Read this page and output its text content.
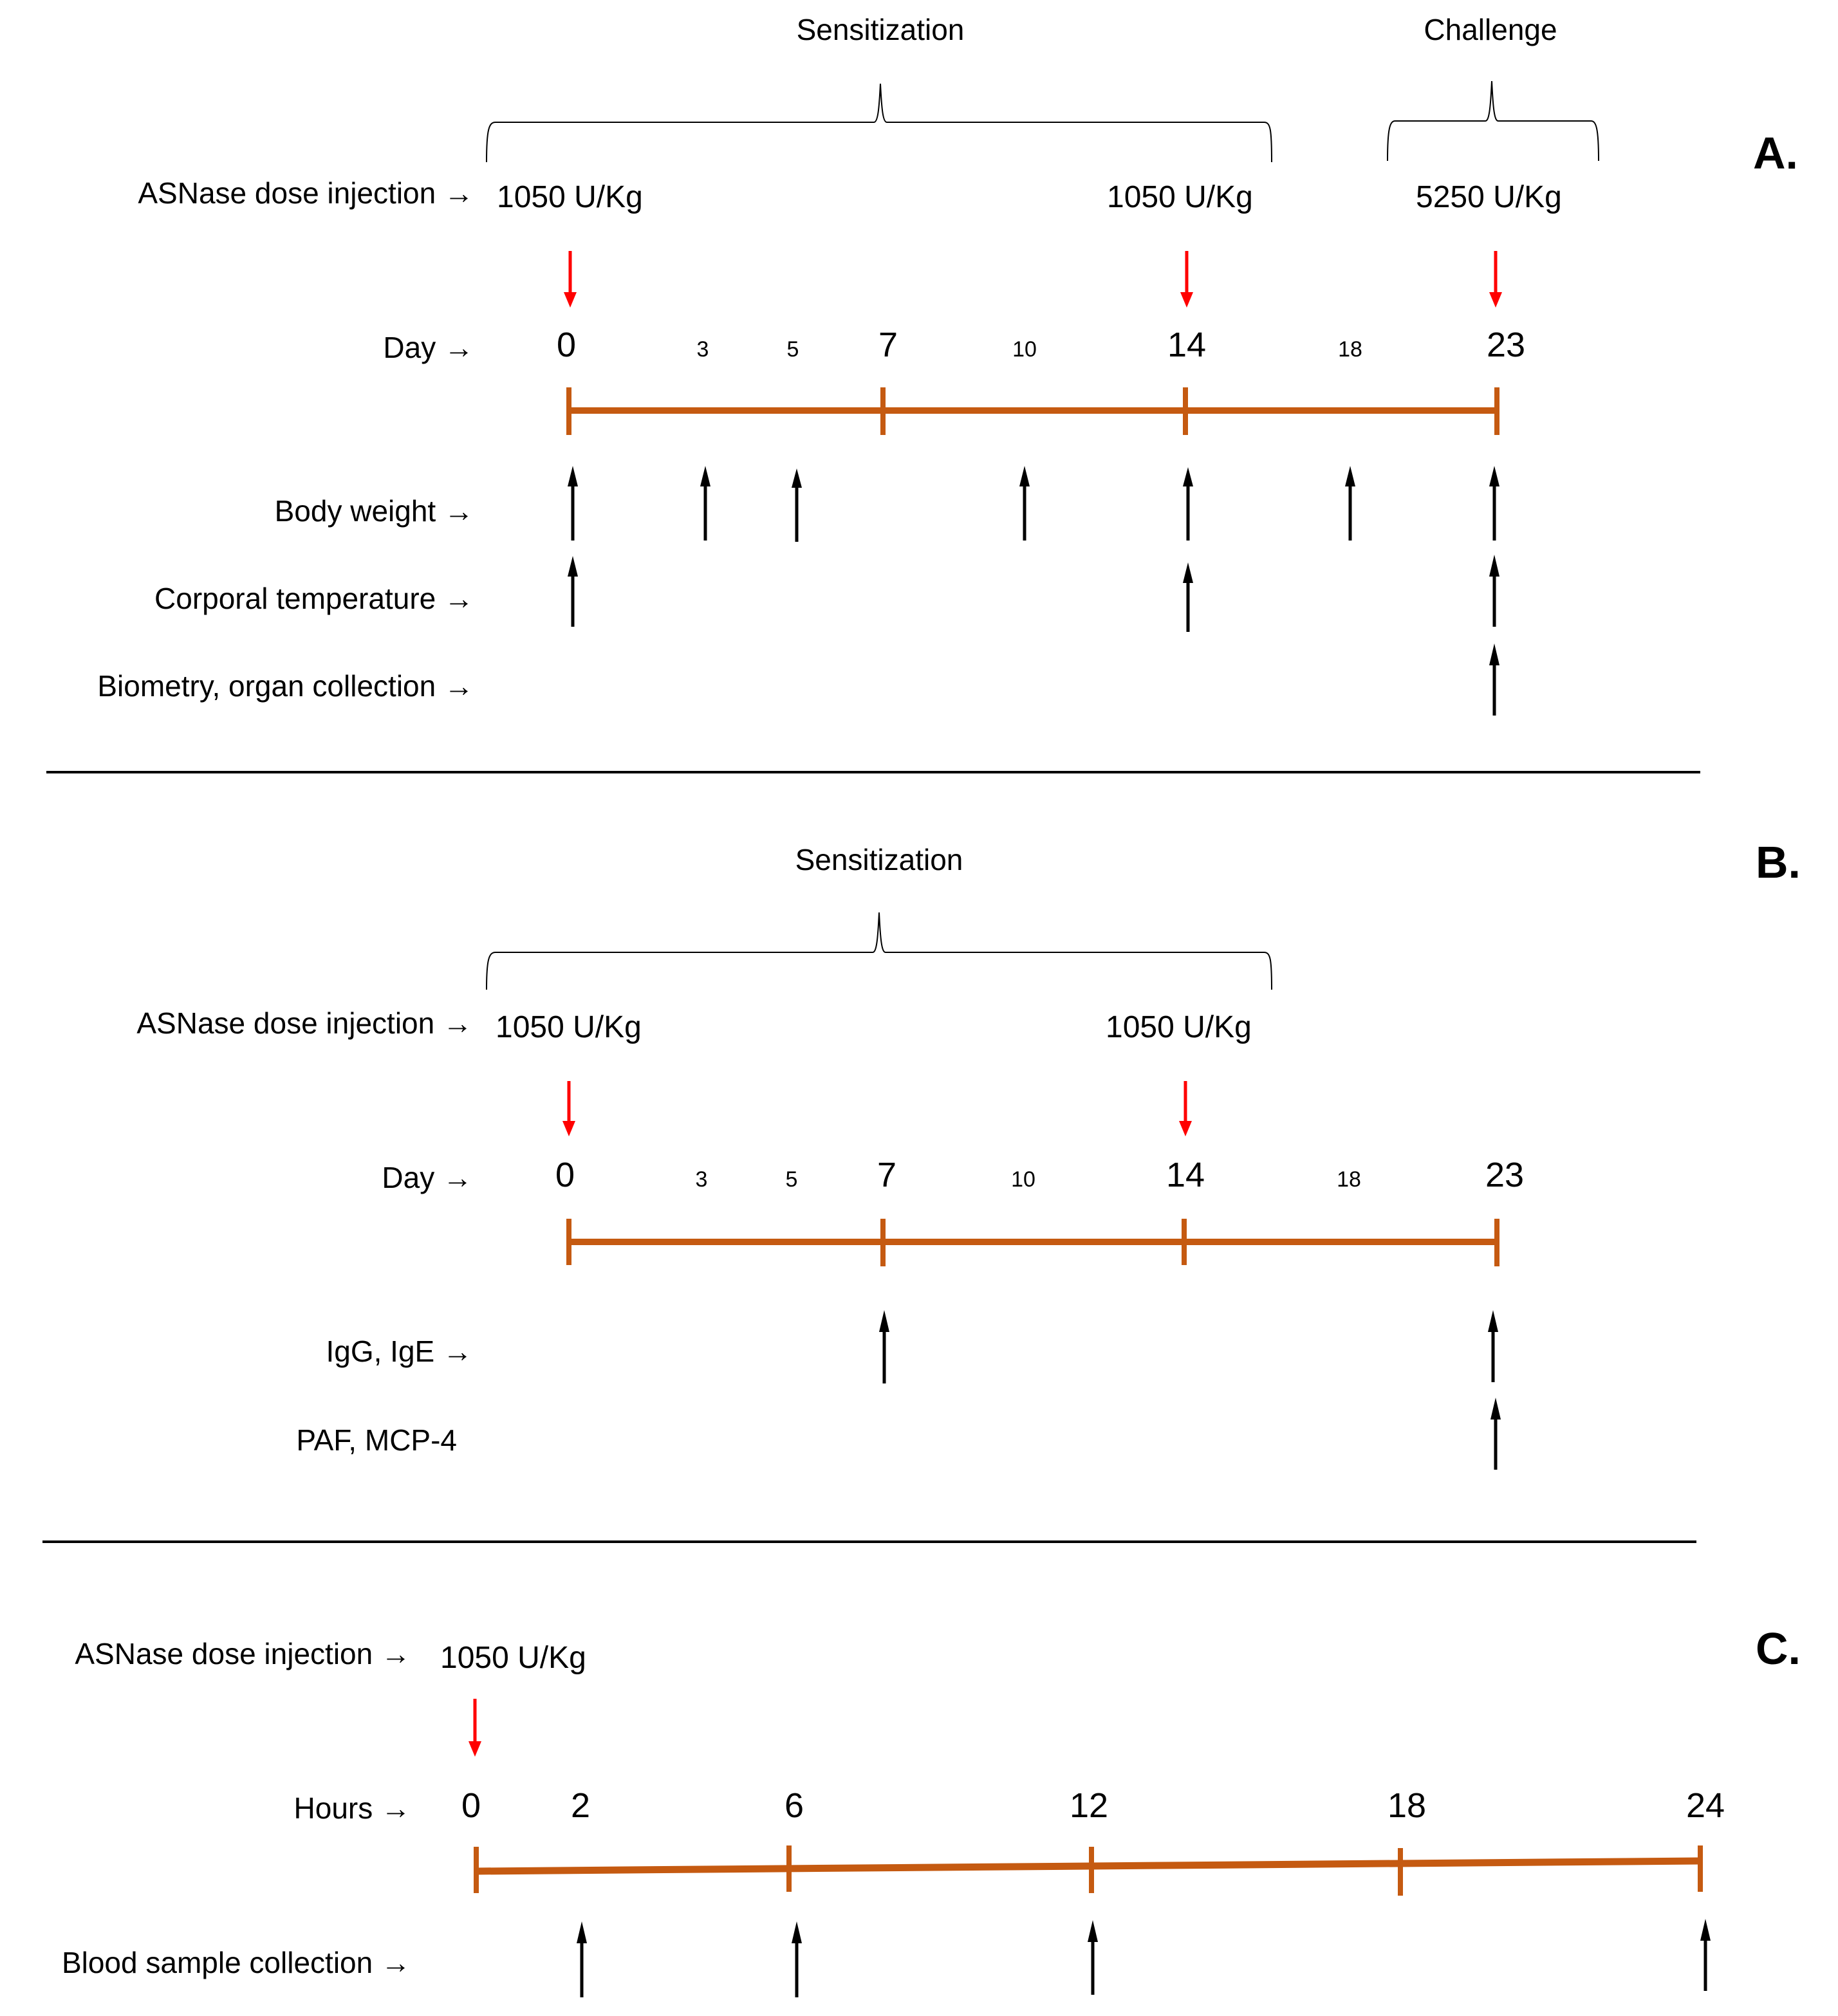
A.
Sensitization	Challenge
ASNase dose injection → 1050 U/Kg	1050 U/Kg	5250 U/Kg
Day → 0	3	5 7	10	14	18	23
Body weight →
Corporal temperature →
Biometry, organ collection →
B.
Sensitization
ASNase dose injection → 1050 U/Kg	1050 U/Kg
Day → 0	3	5 7	10	14	18	23
IgG, IgE →
PAF, MCP-4
C.
ASNase dose injection → 1050 U/Kg
Hours → 0	2	6	12	18	24
Blood sample collection →
